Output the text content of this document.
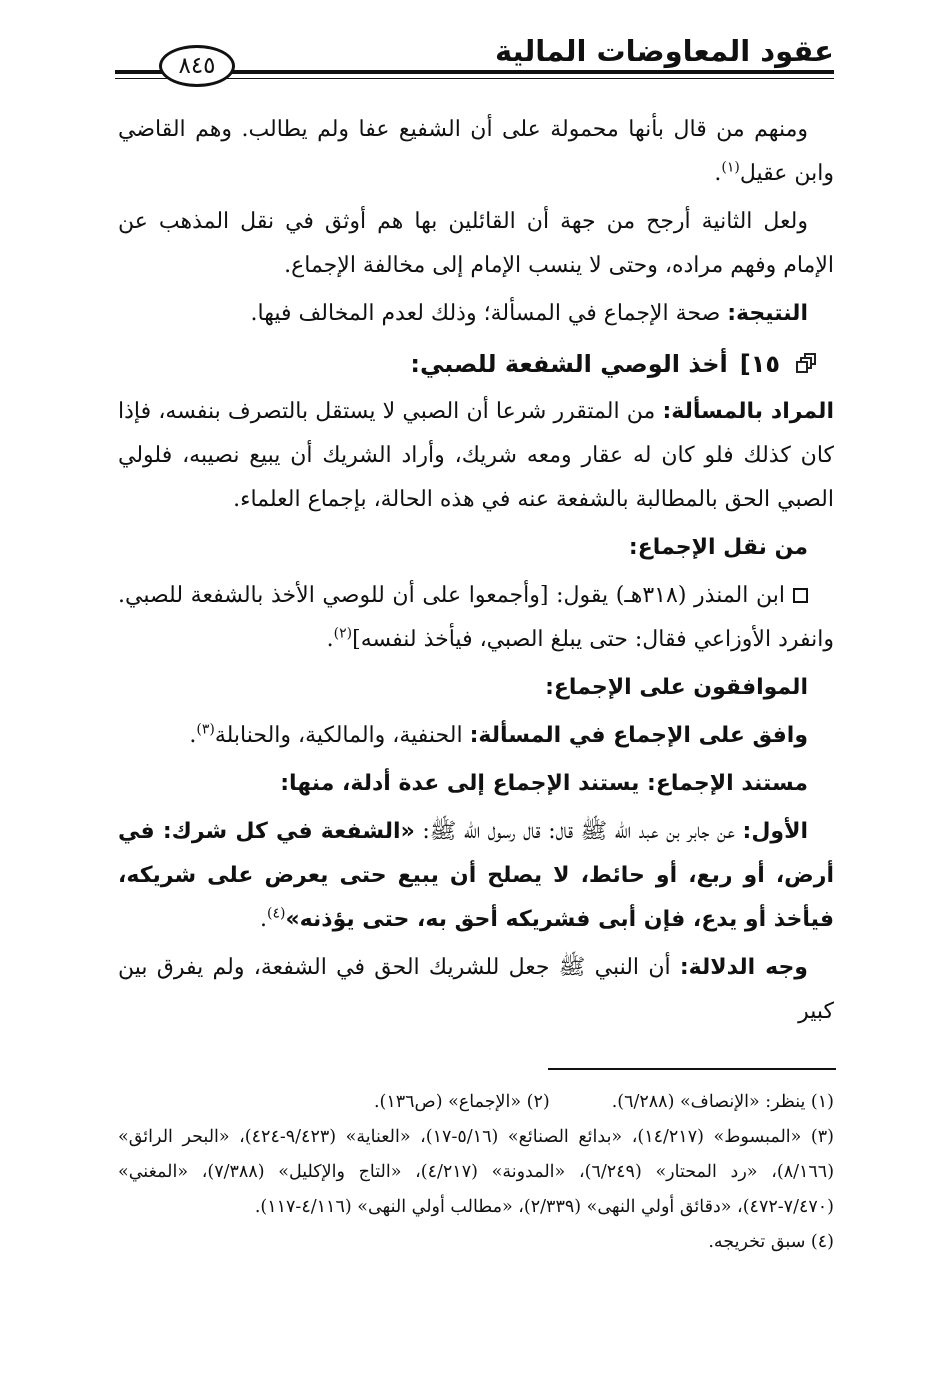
عقود المعاوضات المالية
٨٤٥

ومنهم من قال بأنها محمولة على أن الشفيع عفا ولم يطالب. وهم القاضي وابن عقيل$^{(١)}$.

ولعل الثانية أرجح من جهة أن القائلين بها هم أوثق في نقل المذهب عن الإمام وفهم مراده، وحتى لا ينسب الإمام إلى مخالفة الإجماع.

النتيجة: صحة الإجماع في المسألة؛ وذلك لعدم المخالف فيها.

١٥]
أخذ الوصي الشفعة للصبي:

المراد بالمسألة: من المتقرر شرعا أن الصبي لا يستقل بالتصرف بنفسه، فإذا كان كذلك فلو كان له عقار ومعه شريك، وأراد الشريك أن يبيع نصيبه، فلولي الصبي الحق بالمطالبة بالشفعة عنه في هذه الحالة، بإجماع العلماء.

من نقل الإجماع:

ابن المنذر (٣١٨هـ) يقول: [وأجمعوا على أن للوصي الأخذ بالشفعة للصبي. وانفرد الأوزاعي فقال: حتى يبلغ الصبي، فيأخذ لنفسه]$^{(٢)}$.

الموافقون على الإجماع:

وافق على الإجماع في المسألة: الحنفية، والمالكية، والحنابلة$^{(٣)}$.

مستند الإجماع: يستند الإجماع إلى عدة أدلة، منها:

الأول: عن جابر بن عبد الله ﷺ قال: قال رسول الله ﷺ: «الشفعة في كل شرك: في أرض، أو ربع، أو حائط، لا يصلح أن يبيع حتى يعرض على شريكه، فيأخذ أو يدع، فإن أبى فشريكه أحق به، حتى يؤذنه»$^{(٤)}$.

وجه الدلالة: أن النبي ﷺ جعل للشريك الحق في الشفعة، ولم يفرق بين كبير

(١) ينظر: «الإنصاف» (٦/٢٨٨).
(٢) «الإجماع» (ص١٣٦).
(٣) «المبسوط» (١٤/٢١٧)، «بدائع الصنائع» (٥/١٦-١٧)، «العناية» (٩/٤٢٣-٤٢٤)، «البحر الرائق» (٨/١٦٦)، «رد المحتار» (٦/٢٤٩)، «المدونة» (٤/٢١٧)، «التاج والإكليل» (٧/٣٨٨)، «المغني» (٧/٤٧٠-٤٧٢)، «دقائق أولي النهى» (٢/٣٣٩)، «مطالب أولي النهى» (٤/١١٦-١١٧).
(٤) سبق تخريجه.
